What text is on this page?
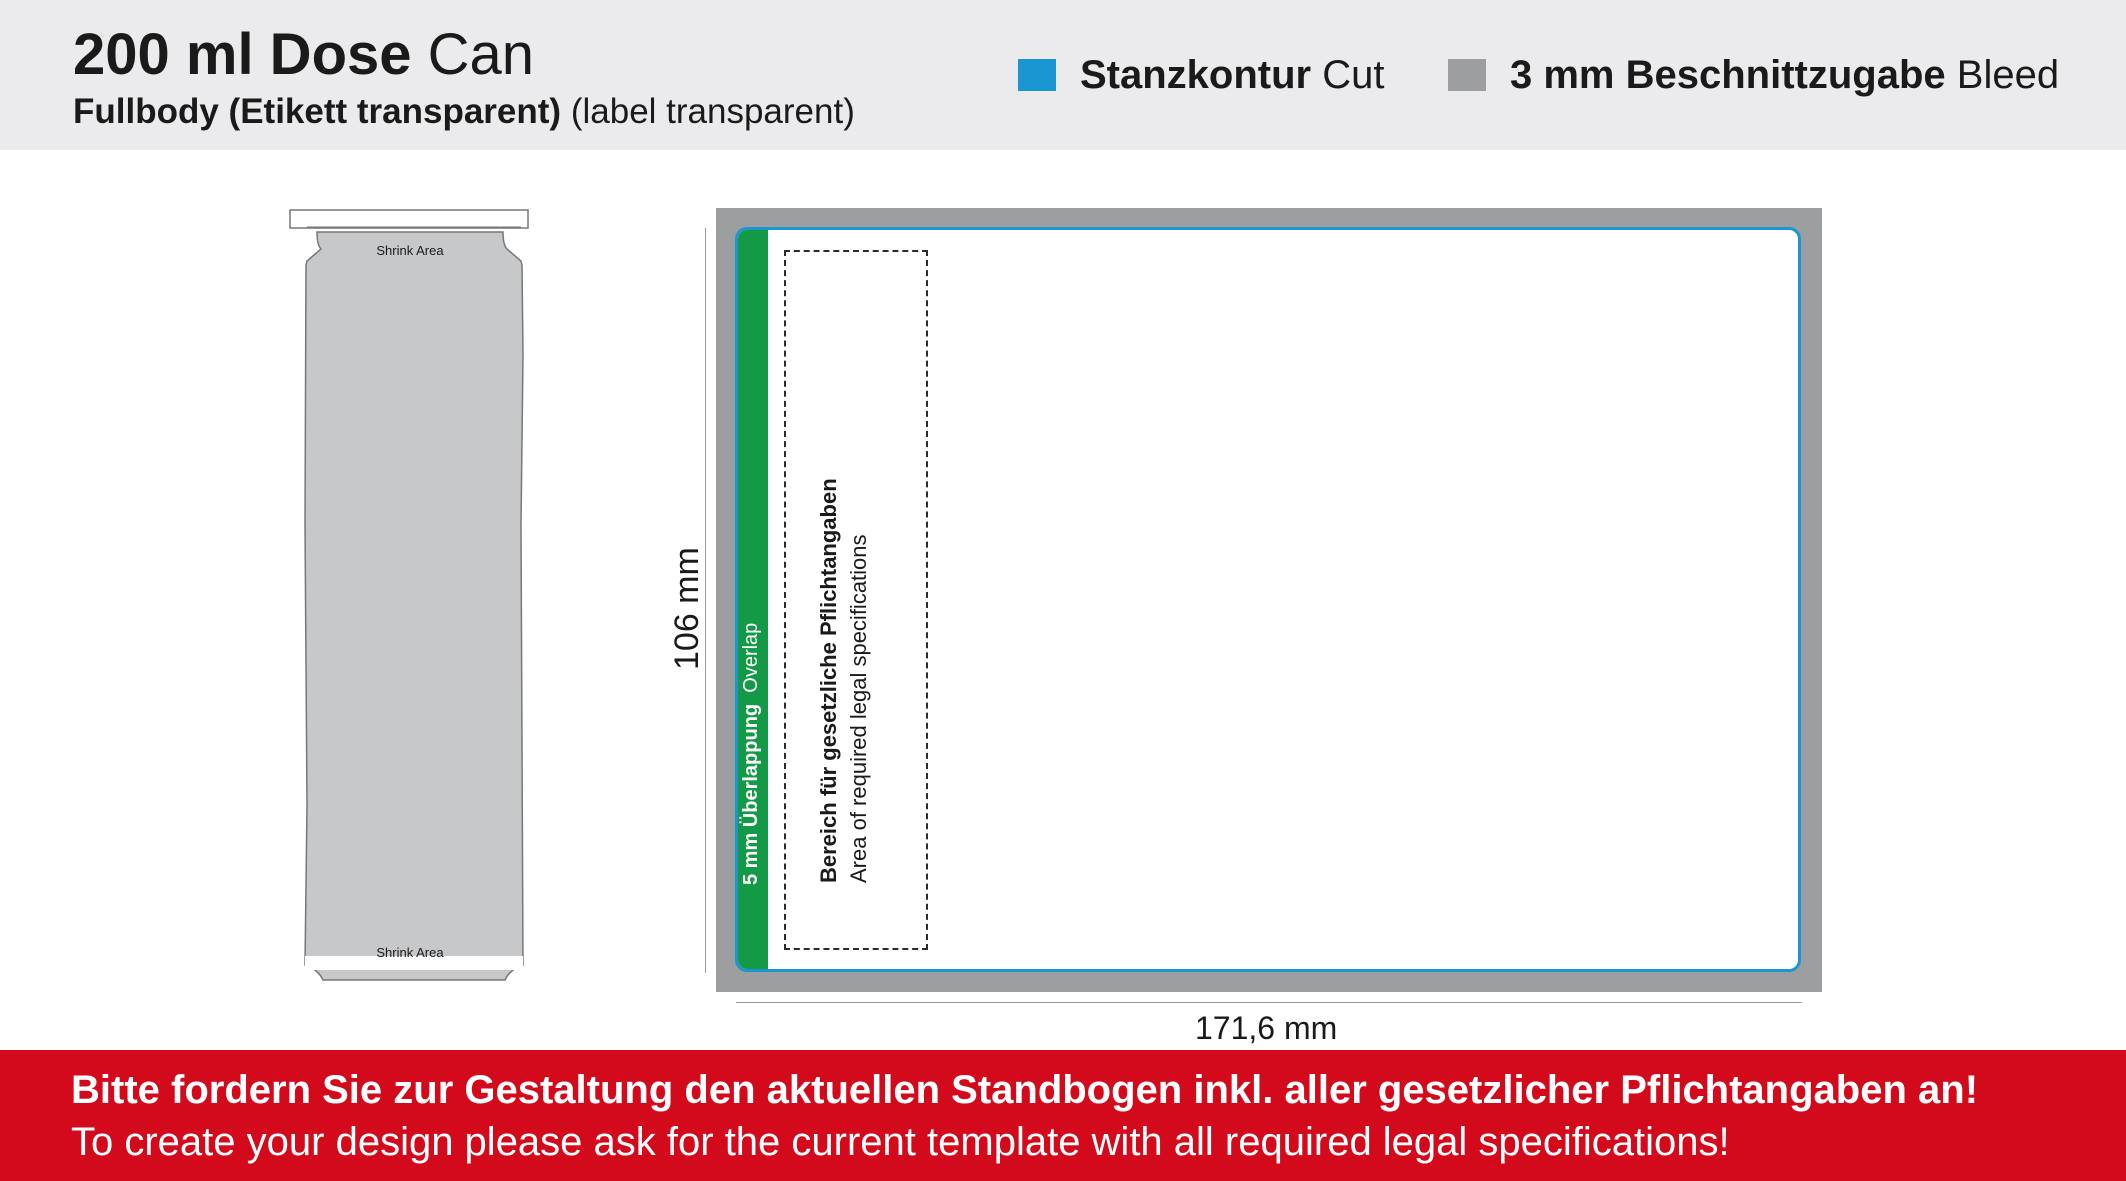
200 ml Dose Can
Fullbody (Etikett transparent) (label transparent)
Stanzkontur
Cut	3 mm Beschnittzugabe
Bleed
Shrink Area
Shrink Area
106 mm
171,6 mm
5 mm Überlappung  Overlap Bereich für gesetzliche Pflichtangaben Area of required legal specifications
Bitte fordern Sie zur Gestaltung den aktuellen Standbogen inkl. aller gesetzlicher Pflichtangaben an!
To create your design please ask for the current template with all required legal specifications!
